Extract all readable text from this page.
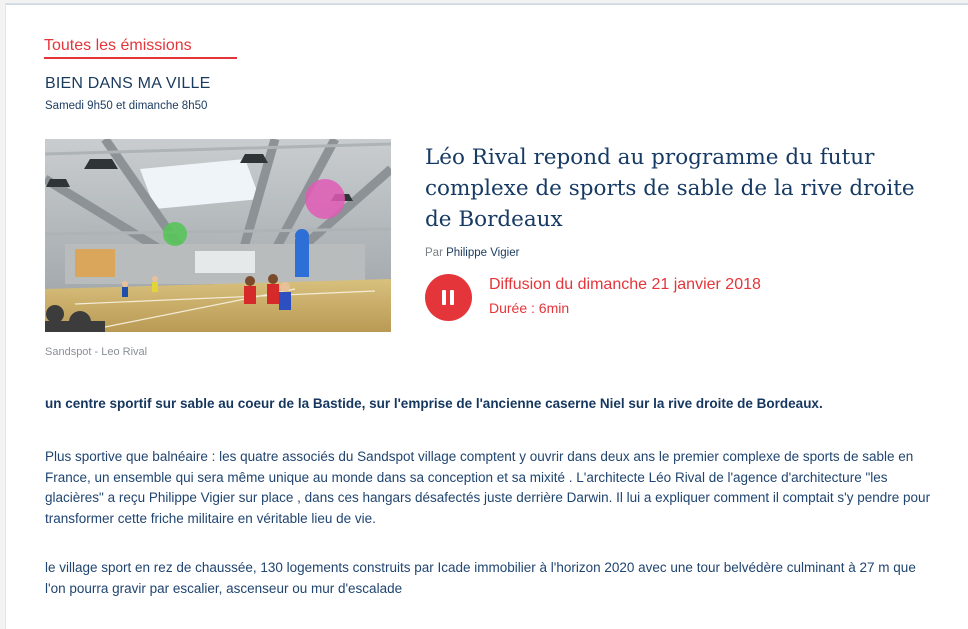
Toutes les émissions
BIEN DANS MA VILLE
Samedi 9h50 et dimanche 8h50
Sandspot - Leo Rival
Léo Rival repond au programme du futur complexe de sports de sable de la rive droite de Bordeaux
Par Philippe Vigier
Diffusion du dimanche 21 janvier 2018
Durée : 6min
un centre sportif sur sable au coeur de la Bastide, sur l'emprise de l'ancienne caserne Niel sur la rive droite de Bordeaux.

Plus sportive que balnéaire : les quatre associés du Sandspot village comptent y ouvrir dans deux ans le premier complexe de sports de sable en France, un ensemble qui sera même unique au monde dans sa conception et sa mixité . L'architecte Léo Rival de l'agence d'architecture "les glacières" a reçu Philippe Vigier sur place , dans ces hangars désafectés juste derrière Darwin. Il lui a expliquer comment il comptait s'y pendre pour transformer cette friche militaire en véritable lieu de vie.

le village sport en rez de chaussée, 130 logements construits par Icade immobilier à l'horizon 2020 avec une tour belvédère culminant à 27 m que l'on pourra gravir par escalier, ascenseur ou mur d'escalade
